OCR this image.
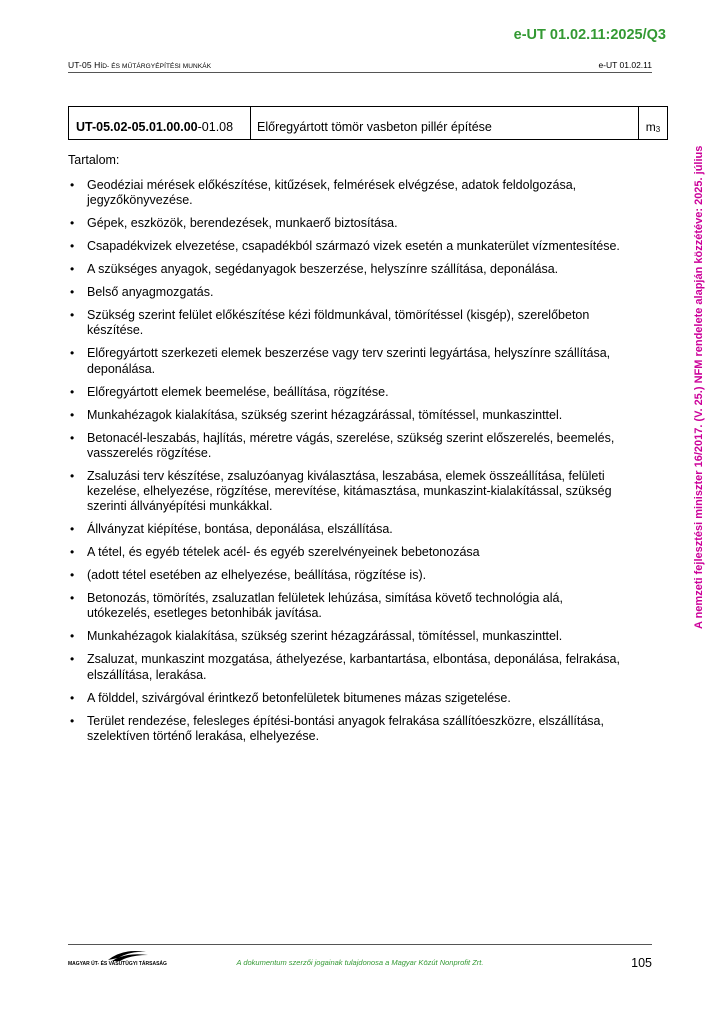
e-UT 01.02.11:2025/Q3
UT-05 HÍD- ÉS MŰTÁRGYÉPÍTÉSI MUNKÁK	e-UT 01.02.11
UT-05.02-05.01.00.00 -01.08	Előregyártott tömör vasbeton pillér építése	$m_3$
Tartalom:
• Geodéziai mérések előkészítése, kitűzések, felmérések elvégzése, adatok feldolgozása, jegyzőkönyvezése.
• Gépek, eszközök, berendezések, munkaerő biztosítása.
• Csapadékvizek elvezetése, csapadékból származó vizek esetén a munkaterület vízmentesítése.
• A szükséges anyagok, segédanyagok beszerzése, helyszínre szállítása, deponálása.
• Belső anyagmozgatás.
• Szükség szerint felület előkészítése kézi földmunkával, tömörítéssel (kisgép), szerelőbeton készítése.
• Előregyártott szerkezeti elemek beszerzése vagy terv szerinti legyártása, helyszínre szállítása, deponálása.
• Előregyártott elemek beemelése, beállítása, rögzítése.
• Munkahézagok kialakítása, szükség szerint hézagzárással, tömítéssel, munkaszinttel.
• Betonacél-leszabás, hajlítás, méretre vágás, szerelése, szükség szerint előszerelés, beemelés, vasszerelés rögzítése.
• Zsaluzási terv készítése, zsaluzóanyag kiválasztása, leszabása, elemek összeállítása, felületi kezelése, elhelyezése, rögzítése, merevítése, kitámasztása, munkaszint-kialakítással, szükség szerinti állványépítési munkákkal.
• Állványzat kiépítése, bontása, deponálása, elszállítása.
• A tétel, és egyéb tételek acél- és egyéb szerelvényeinek bebetonozása
• (adott tétel esetében az elhelyezése, beállítása, rögzítése is).
• Betonozás, tömörítés, zsaluzatlan felületek lehúzása, simítása követő technológia alá, utókezelés, esetleges betonhibák javítása.
• Munkahézagok kialakítása, szükség szerint hézagzárással, tömítéssel, munkaszinttel.
• Zsaluzat, munkaszint mozgatása, áthelyezése, karbantartása, elbontása, deponálása, felrakása, elszállítása, lerakása.
• A földdel, szivárgóval érintkező betonfelületek bitumenes mázas szigetelése.
• Terület rendezése, felesleges építési-bontási anyagok felrakása szállítóeszközre, elszállítása, szelektíven történő lerakása, elhelyezése.
A nemzeti fejlesztési miniszter 16/2017. (V. 25.) NFM rendelete alapján közzétéve: 2025. július
MAGYAR ÚT- ÉS VASÚTÜGYI TÁRSASÁG	A dokumentum szerzői jogainak tulajdonosa a Magyar Közút Nonprofit Zrt.	105
